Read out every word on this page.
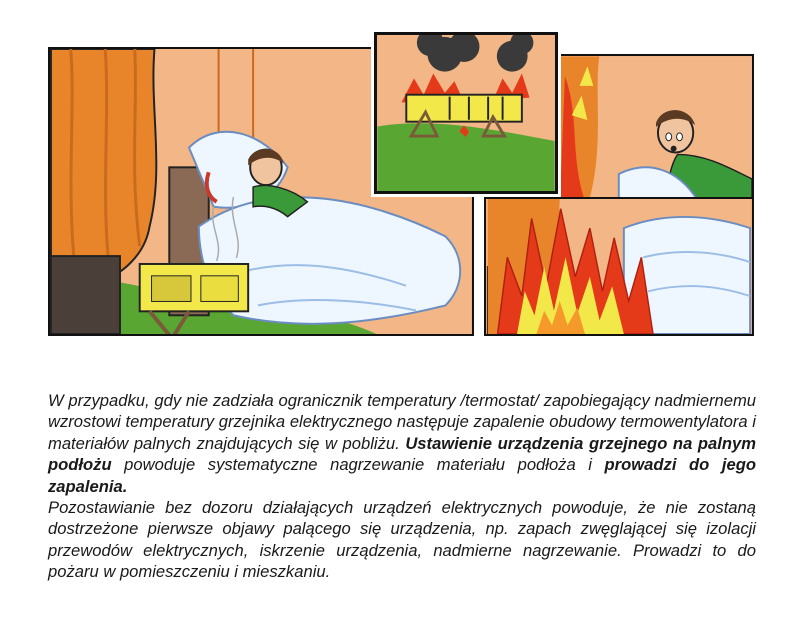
W przypadku, gdy nie zadziała ogranicznik temperatury /termostat/ zapobiegający nadmiernemu wzrostowi temperatury grzejnika elektrycznego następuje zapalenie obudowy termowentylatora i materiałów palnych znajdujących się w pobliżu. Ustawienie urządzenia grzejnego na palnym podłożu powoduje systematyczne nagrzewanie materiału podłoża i prowadzi do jego zapalenia.

Pozostawianie bez dozoru działających urządzeń elektrycznych powoduje, że nie zostaną dostrzeżone pierwsze objawy palącego się urządzenia, np. zapach zwęglającej się izolacji przewodów elektrycznych, iskrzenie urządzenia, nadmierne nagrzewanie. Prowadzi to do pożaru w pomieszczeniu i mieszkaniu.
